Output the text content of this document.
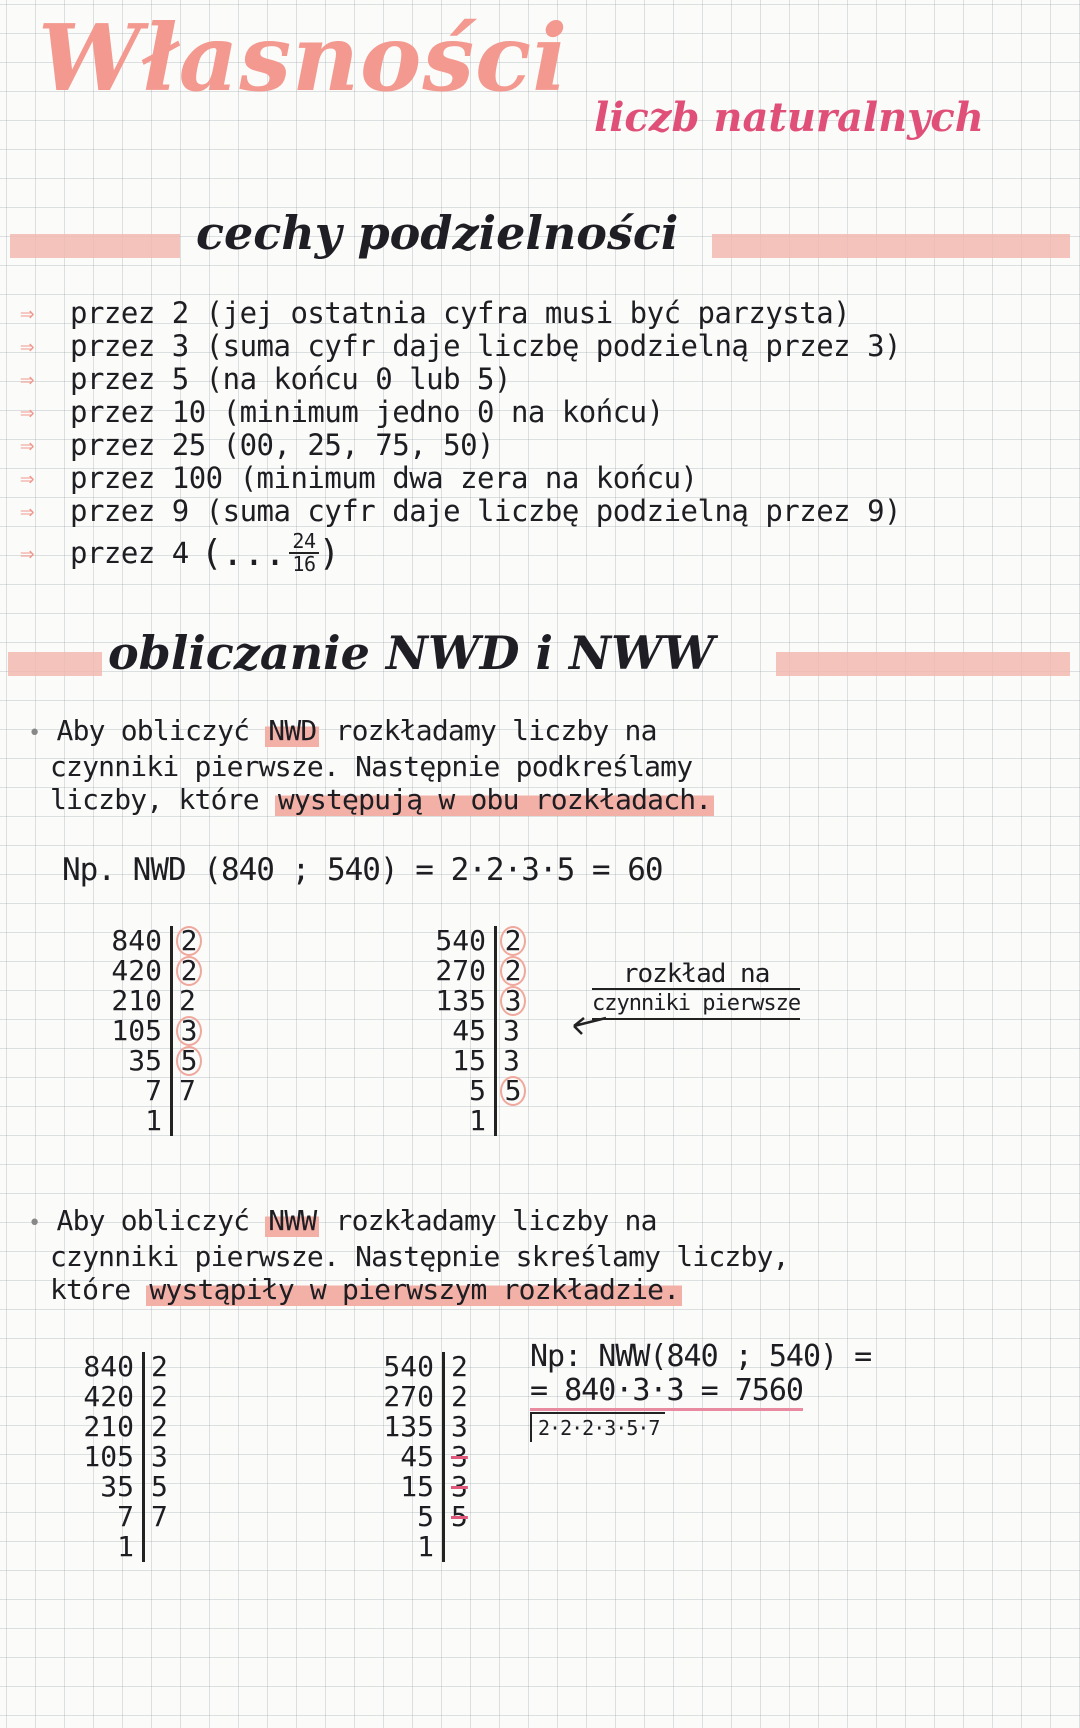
Własności
liczb naturalnych
cechy podzielności
⇒	przez 2 (jej ostatnia cyfra musi być parzysta)
⇒	przez 3 (suma cyfr daje liczbę podzielną przez 3)
⇒	przez 5 (na końcu 0 lub 5)
⇒	przez 10 (minimum jedno 0 na końcu)
⇒	przez 25 (00, 25, 75, 50)
⇒	przez 100 (minimum dwa zera na końcu)
⇒	przez 9 (suma cyfr daje liczbę podzielną przez 9)
⇒	przez 4 (... $\frac{24}{16}$ )
obliczanie NWD i NWW
• Aby obliczyć NWD rozkładamy liczby na
czynniki pierwsze. Następnie podkreślamy
liczby, które występują w obu rozkładach.
Np. NWD (840 ; 540) = 2·2·3·5 = 60
840 2
420 2
210 2
105 3
35 5
7 7
1
540 2
270 2
135 3
45 3
15 3
5 5
1
rozkład na
czynniki pierwsze
• Aby obliczyć NWW rozkładamy liczby na
czynniki pierwsze. Następnie skreślamy liczby,
które wystąpiły w pierwszym rozkładzie.
840 2
420 2
210 2
105 3
35 5
7 7
1
540 2
270 2
135 3
45 3
15 3
5 5
1
Np: NWW(840 ; 540) =
= 840·3·3 = 7560
2·2·2·3·5·7
